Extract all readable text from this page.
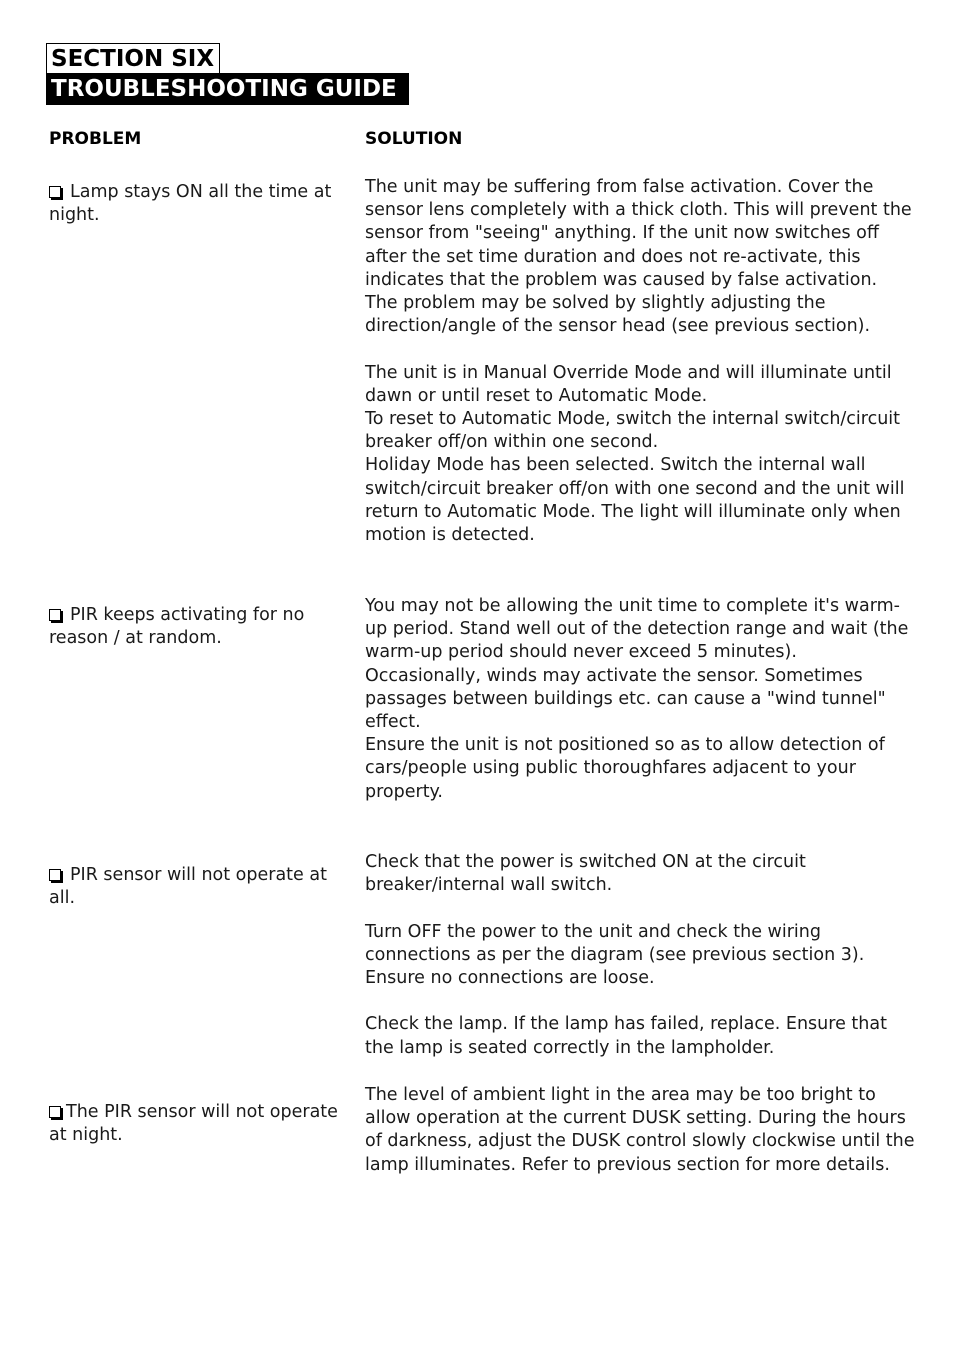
SECTION SIX
TROUBLESHOOTING GUIDE
PROBLEM	SOLUTION
Lamp stays ON all the time at night.

The unit may be suffering from false activation. Cover the sensor lens completely with a thick cloth. This will prevent the sensor from "seeing" anything. If the unit now switches off after the set time duration and does not re-activate, this indicates that the problem was caused by false activation. The problem may be solved by slightly adjusting the direction/angle of the sensor head (see previous section).

The unit is in Manual Override Mode and will illuminate until dawn or until reset to Automatic Mode.

To reset to Automatic Mode, switch the internal switch/circuit breaker off/on within one second.

Holiday Mode has been selected. Switch the internal wall switch/circuit breaker off/on with one second and the unit will return to Automatic Mode. The light will illuminate only when motion is detected.

PIR keeps activating for no reason / at random.

You may not be allowing the unit time to complete it's warm-up period. Stand well out of the detection range and wait (the warm-up period should never exceed 5 minutes).

Occasionally, winds may activate the sensor. Sometimes passages between buildings etc. can cause a "wind tunnel" effect.

Ensure the unit is not positioned so as to allow detection of cars/people using public thoroughfares adjacent to your property.

PIR sensor will not operate at all.

Check that the power is switched ON at the circuit breaker/internal wall switch.

Turn OFF the power to the unit and check the wiring connections as per the diagram (see previous section 3). Ensure no connections are loose.

Check the lamp. If the lamp has failed, replace. Ensure that the lamp is seated correctly in the lampholder.

The PIR sensor will not operate at night.

The level of ambient light in the area may be too bright to allow operation at the current DUSK setting. During the hours of darkness, adjust the DUSK control slowly clockwise until the lamp illuminates. Refer to previous section for more details.
